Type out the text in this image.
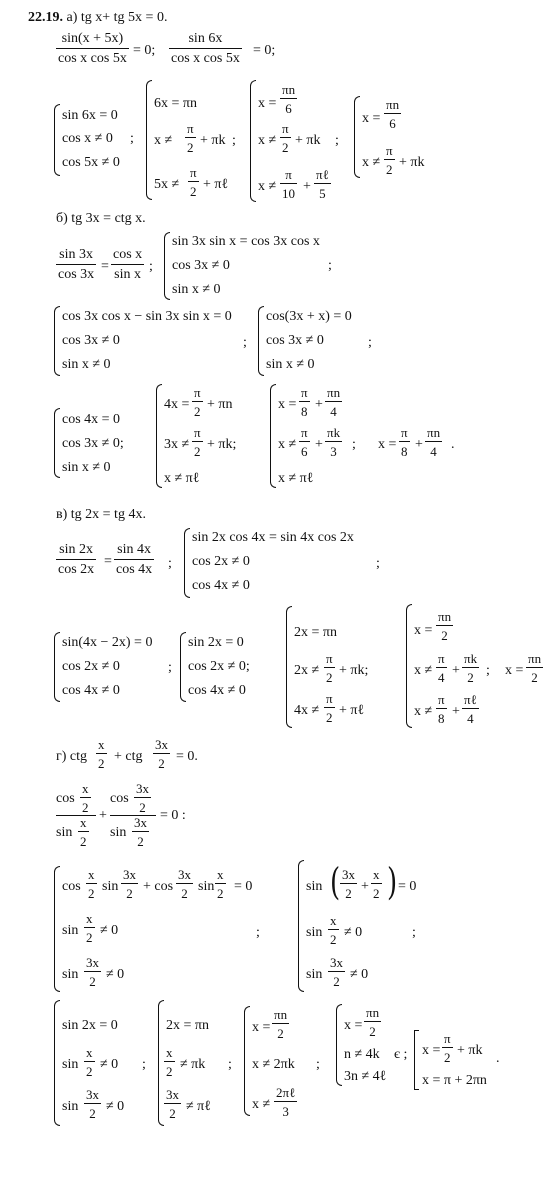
22.19. а) tg x+ tg 5x = 0.
sin(x + 5x)
cos x cos 5x
= 0;
sin 6x
cos x cos 5x
= 0;
sin 6x = 0
cos x ≠ 0
cos 5x ≠ 0
;
6x = πn
x ≠
π
2 + πk ;
5x ≠
π
2 + πℓ
x =
πn
6
x ≠
π
2 + πk ;
x ≠
π
10 +
πℓ
5
x =
πn
6
x ≠
π
2 + πk
б) tg 3x = ctg x.
sin 3x
cos 3x
=
cos x
sin x
;
sin 3x sin x = cos 3x cos x
cos 3x ≠ 0
sin x ≠ 0
;
cos 3x cos x − sin 3x sin x = 0
cos 3x ≠ 0
sin x ≠ 0
;
cos(3x + x) = 0
cos 3x ≠ 0
sin x ≠ 0
;
cos 4x = 0
cos 3x ≠ 0;
sin x ≠ 0
4x =
π
2 + πn
3x ≠
π
2 + πk;
x ≠ πℓ
x =
π
8 +
πn
4
x ≠
π
6 +
πk
3 ;
x ≠ πℓ
x =
π
8 +
πn
4 .
в) tg 2x = tg 4x.
sin 2x
cos 2x
=
sin 4x
cos 4x ;
sin 2x cos 4x = sin 4x cos 2x
cos 2x ≠ 0
cos 4x ≠ 0
;
sin(4x − 2x) = 0
cos 2x ≠ 0
cos 4x ≠ 0
;
sin 2x = 0
cos 2x ≠ 0;
cos 4x ≠ 0
2x = πn
2x ≠
π
2 + πk;
4x ≠
π
2 + πℓ
x =
πn
2
x ≠
π
4 +
πk
2 ;
x ≠
π
8 +
πℓ
4
x =
πn
2
г) ctg
x
2 + ctg
3x
2 = 0.
cos
x
2
sin
x
2
+
cos
3x
2
sin
3x
2
= 0 :
cos
x
2 sin
3x
2 + cos
3x
2 sin
x
2 = 0
sin
x
2 ≠ 0
sin
3x
2 ≠ 0
;
sin ( 3x
2 +
x
2 ) = 0
sin
x
2 ≠ 0
sin
3x
2 ≠ 0
;
sin 2x = 0
sin
x
2 ≠ 0 ;
sin
3x
2 ≠ 0
2x = πn
x
2 ≠ πk ;
3x
2 ≠ πℓ
x =
πn
2
x ≠ 2πk ;
x ≠
2πℓ
3
x =
πn
2
n ≠ 4k є ;
3n ≠ 4ℓ
x =
π
2 + πk
x = π + 2πn
.
